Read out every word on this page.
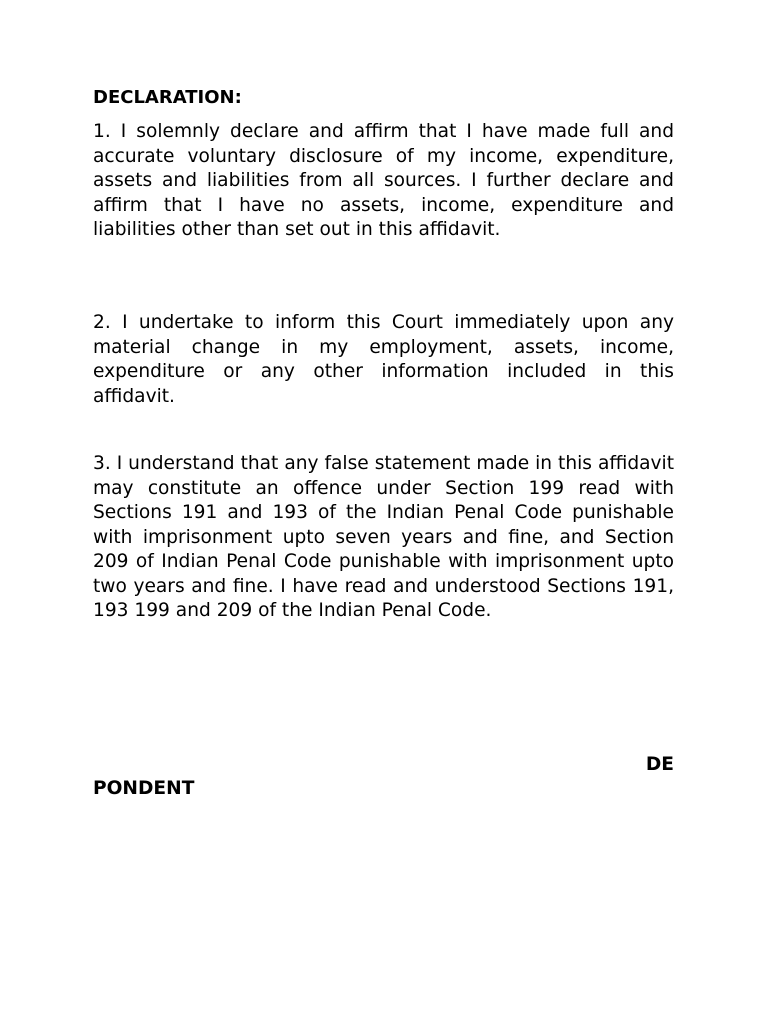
DECLARATION:

1. I solemnly declare and affirm that I have made full and accurate voluntary disclosure of my income, expenditure, assets and liabilities from all sources. I further declare and affirm that I have no assets, income, expenditure and liabilities other than set out in this affidavit.

2. I undertake to inform this Court immediately upon any material change in my employment, assets, income, expenditure or any other information included in this affidavit.

3. I understand that any false statement made in this affidavit may constitute an offence under Section 199 read with Sections 191 and 193 of the Indian Penal Code punishable with imprisonment upto seven years and fine, and Section 209 of Indian Penal Code punishable with imprisonment upto two years and fine. I have read and understood Sections 191, 193 199 and 209 of the Indian Penal Code.

DE

PONDENT
